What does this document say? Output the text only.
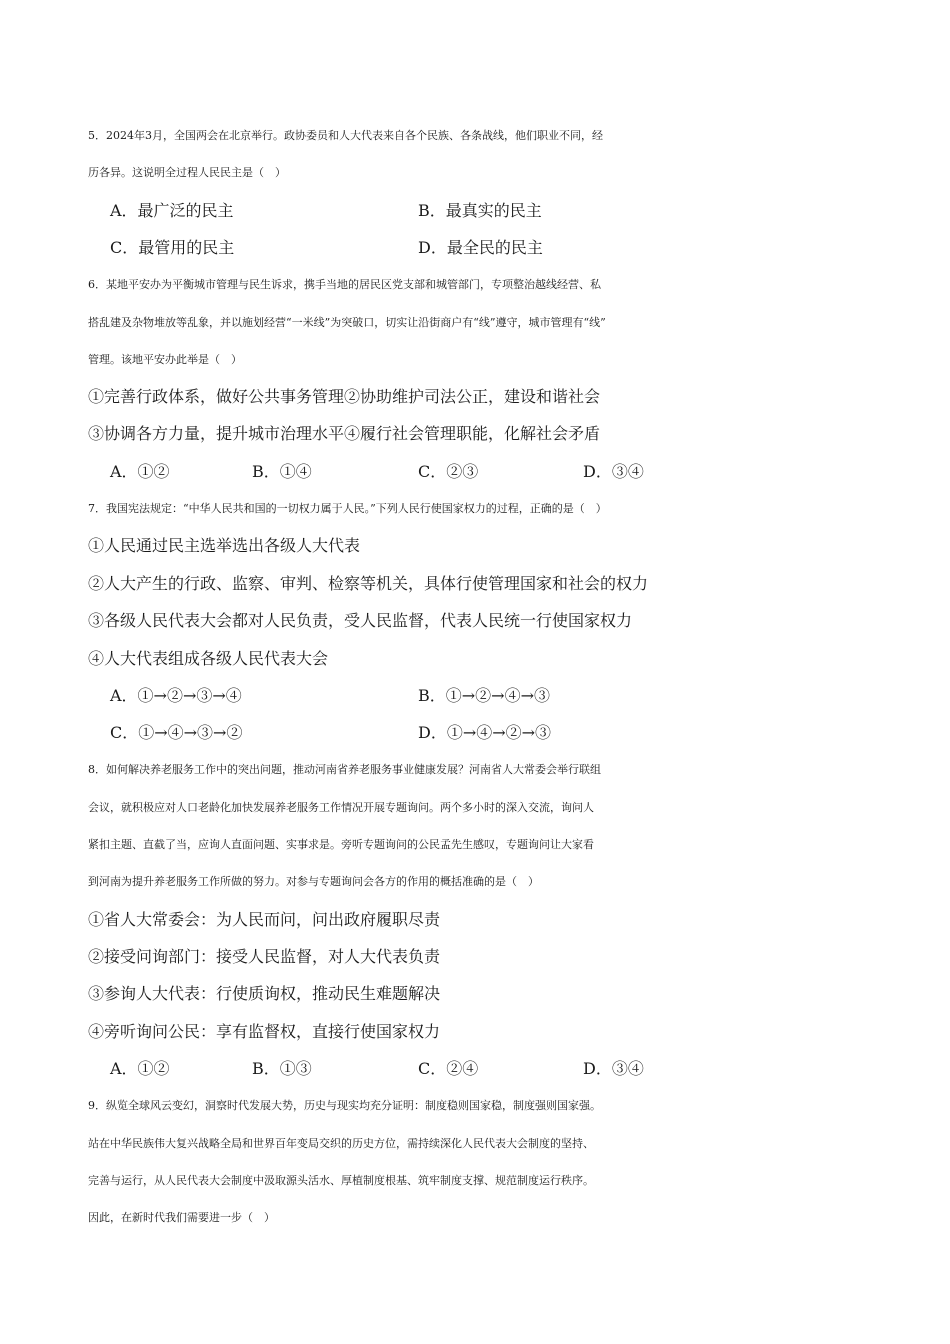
5．2024年3月，全国两会在北京举行。政协委员和人大代表来自各个民族、各条战线，他们职业不同，经
历各异。这说明全过程人民民主是（　）
A．最广泛的民主	B．最真实的民主
C．最管用的民主	D．最全民的民主
6．某地平安办为平衡城市管理与民生诉求，携手当地的居民区党支部和城管部门，专项整治越线经营、私
搭乱建及杂物堆放等乱象，并以施划经营“一米线”为突破口，切实让沿街商户有“线”遵守，城市管理有“线”
管理。该地平安办此举是（　）
①完善行政体系，做好公共事务管理②协助维护司法公正，建设和谐社会
③协调各方力量，提升城市治理水平④履行社会管理职能，化解社会矛盾
A．①②	B．①④	C．②③	D．③④
7．我国宪法规定：“中华人民共和国的一切权力属于人民。”下列人民行使国家权力的过程，正确的是（　）
①人民通过民主选举选出各级人大代表
②人大产生的行政、监察、审判、检察等机关，具体行使管理国家和社会的权力
③各级人民代表大会都对人民负责，受人民监督，代表人民统一行使国家权力
④人大代表组成各级人民代表大会
A．①→②→③→④	B．①→②→④→③
C．①→④→③→②	D．①→④→②→③
8．如何解决养老服务工作中的突出问题，推动河南省养老服务事业健康发展？河南省人大常委会举行联组
会议，就积极应对人口老龄化加快发展养老服务工作情况开展专题询问。两个多小时的深入交流，询问人
紧扣主题、直截了当，应询人直面问题、实事求是。旁听专题询问的公民孟先生感叹，专题询问让大家看
到河南为提升养老服务工作所做的努力。对参与专题询问会各方的作用的概括准确的是（　）
①省人大常委会：为人民而问，问出政府履职尽责
②接受问询部门：接受人民监督，对人大代表负责
③参询人大代表：行使质询权，推动民生难题解决
④旁听询问公民：享有监督权，直接行使国家权力
A．①②	B．①③	C．②④	D．③④
9．纵览全球风云变幻，洞察时代发展大势，历史与现实均充分证明：制度稳则国家稳，制度强则国家强。
站在中华民族伟大复兴战略全局和世界百年变局交织的历史方位，需持续深化人民代表大会制度的坚持、
完善与运行，从人民代表大会制度中汲取源头活水、厚植制度根基、筑牢制度支撑、规范制度运行秩序。
因此，在新时代我们需要进一步（　）
